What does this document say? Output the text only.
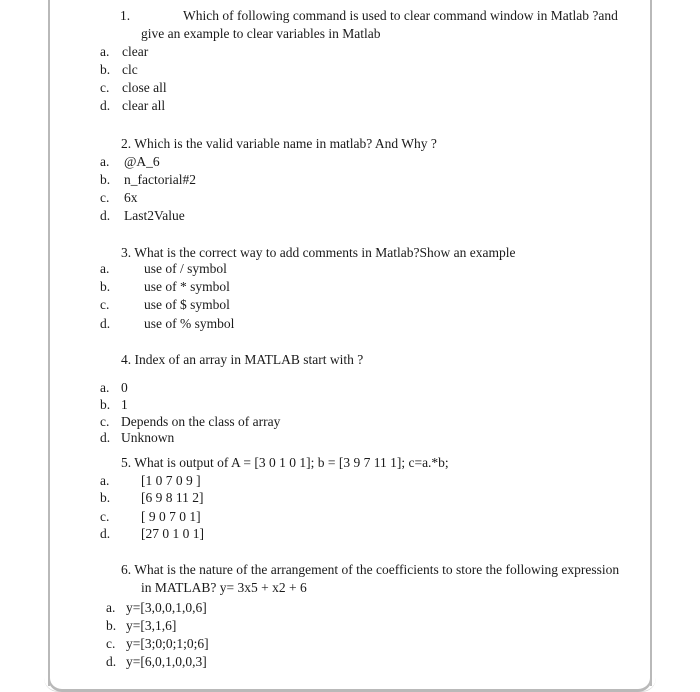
1.	Which of following command is used to clear command window in Matlab ?and
give an example to clear variables in Matlab
a. clear
b. clc
c. close all
d. clear all
2. Which is the valid variable name in matlab? And Why ?
a. @A_6
b. n_factorial#2
c. 6x
d. Last2Value
3. What is the correct way to add comments in Matlab?Show an example
a.	use of / symbol
b.	use of * symbol
c.	use of $ symbol
d.	use of % symbol
4. Index of an array in MATLAB start with ?
a. 0
b. 1
c. Depends on the class of array
d. Unknown
5. What is output of A = [3 0 1 0 1]; b = [3 9 7 11 1]; c=a.*b;
a. [1 0 7 0 9 ]
b. [6 9 8 11 2]
c. [ 9 0 7 0 1]
d. [27 0 1 0 1]
6. What is the nature of the arrangement of the coefficients to store the following expression
in MATLAB? y= 3x5 + x2 + 6
a. y=[3,0,0,1,0,6]
b. y=[3,1,6]
c. y=[3;0;0;1;0;6]
d. y=[6,0,1,0,0,3]
